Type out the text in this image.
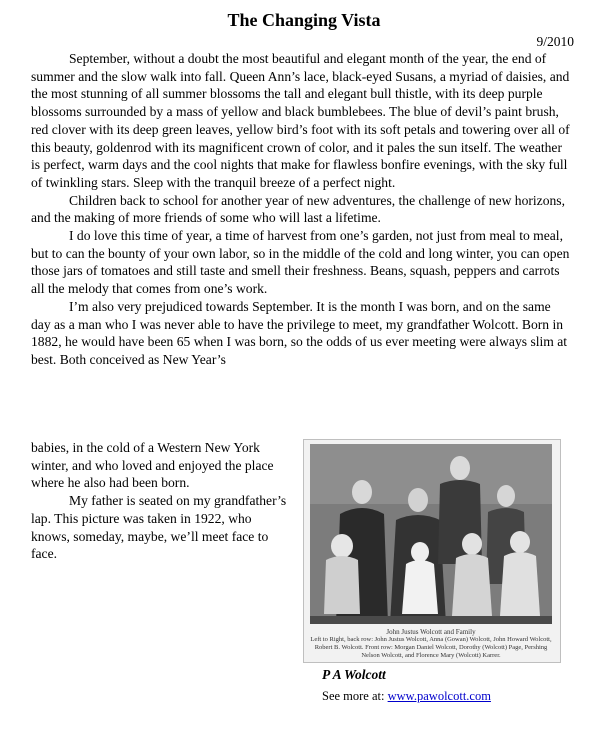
The Changing Vista
9/2010

September, without a doubt the most beautiful and elegant month of the year, the end of summer and the slow walk into fall. Queen Ann’s lace, black-eyed Susans, a myriad of daisies, and the most stunning of all summer blossoms the tall and elegant bull thistle, with its deep purple blossoms surrounded by a mass of yellow and black bumblebees. The blue of devil’s paint brush, red clover with its deep green leaves, yellow bird’s foot with its soft petals and towering over all of this beauty, goldenrod with its magnificent crown of color, and it pales the sun itself. The weather is perfect, warm days and the cool nights that make for flawless bonfire evenings, with the sky full of twinkling stars. Sleep with the tranquil breeze of a perfect night.

Children back to school for another year of new adventures, the challenge of new horizons, and the making of more friends of some who will last a lifetime.

I do love this time of year, a time of harvest from one’s garden, not just from meal to meal, but to can the bounty of your own labor, so in the middle of the cold and long winter, you can open those jars of tomatoes and still taste and smell their freshness. Beans, squash, peppers and carrots all the melody that comes from one’s work.

I’m also very prejudiced towards September. It is the month I was born, and on the same day as a man who I was never able to have the privilege to meet, my grandfather Wolcott. Born in 1882, he would have been 65 when I was born, so the odds of us ever meeting were always slim at best. Both conceived as New Year’s

babies, in the cold of a Western New York winter, and who loved and enjoyed the place where he also had been born.

My father is seated on my grandfather’s lap. This picture was taken in 1922, who knows, someday, maybe, we’ll meet face to face.

John Justus Wolcott and Family
Left to Right, back row: John Justus Wolcott, Anna (Gowan) Wolcott, John Howard Wolcott, Robert B. Wolcott. Front row: Morgan Daniel Wolcott, Dorothy (Wolcott) Page, Pershing Nelson Wolcott, and Florence Mary (Wolcott) Karrer.
P A Wolcott
See more at: www.pawolcott.com
